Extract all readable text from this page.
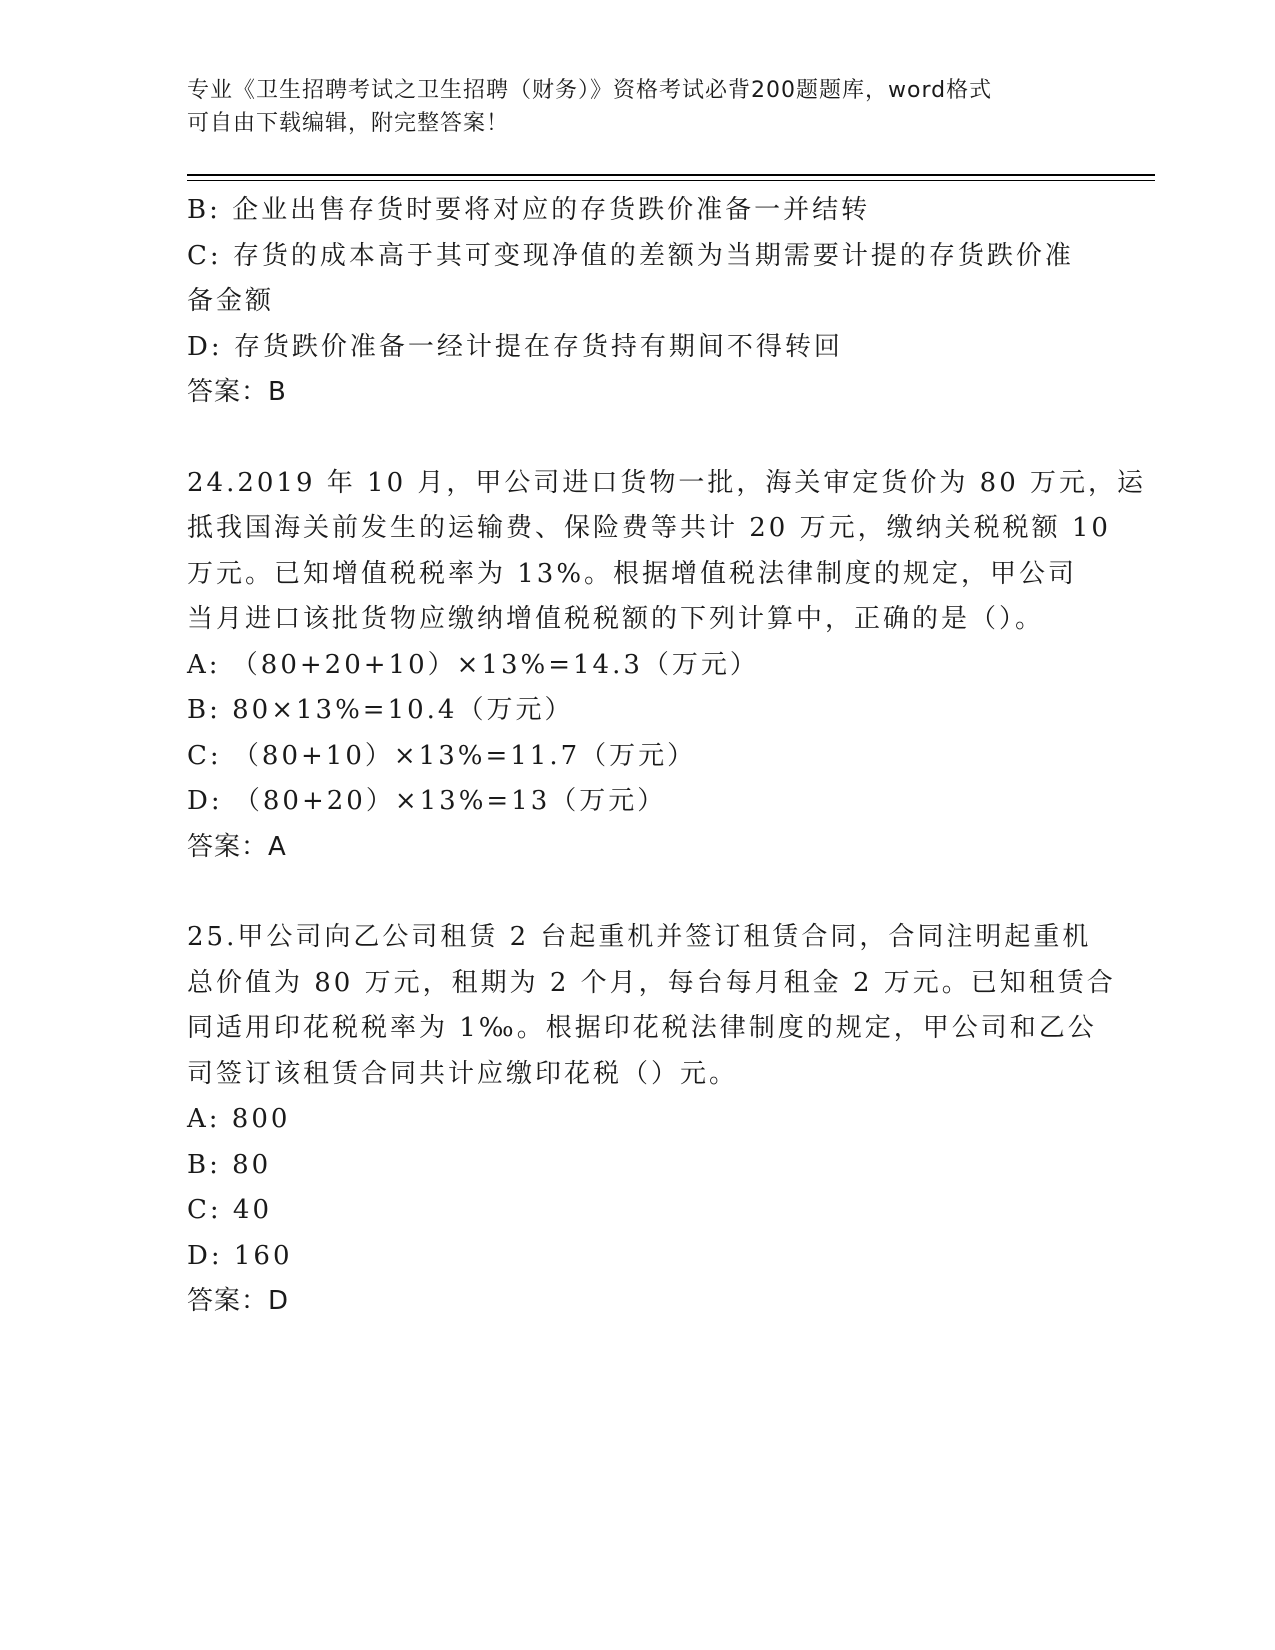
专业《卫生招聘考试之卫生招聘（财务）》资格考试必背200题题库，word格式
可自由下载编辑，附完整答案！
B: 企业出售存货时要将对应的存货跌价准备一并结转
C: 存货的成本高于其可变现净值的差额为当期需要计提的存货跌价准
备金额
D: 存货跌价准备一经计提在存货持有期间不得转回
答案：B
24.2019 年 10 月，甲公司进口货物一批，海关审定货价为 80 万元，运
抵我国海关前发生的运输费、保险费等共计 20 万元，缴纳关税税额 10
万元。已知增值税税率为 13%。根据增值税法律制度的规定，甲公司
当月进口该批货物应缴纳增值税税额的下列计算中，正确的是（）。
A: （80+20+10）×13%=14.3（万元）
B: 80×13%=10.4（万元）
C: （80+10）×13%=11.7（万元）
D: （80+20）×13%=13（万元）
答案：A
25.甲公司向乙公司租赁 2 台起重机并签订租赁合同，合同注明起重机
总价值为 80 万元，租期为 2 个月，每台每月租金 2 万元。已知租赁合
同适用印花税税率为 1‰。根据印花税法律制度的规定，甲公司和乙公
司签订该租赁合同共计应缴印花税（）元。
A: 800
B: 80
C: 40
D: 160
答案：D
